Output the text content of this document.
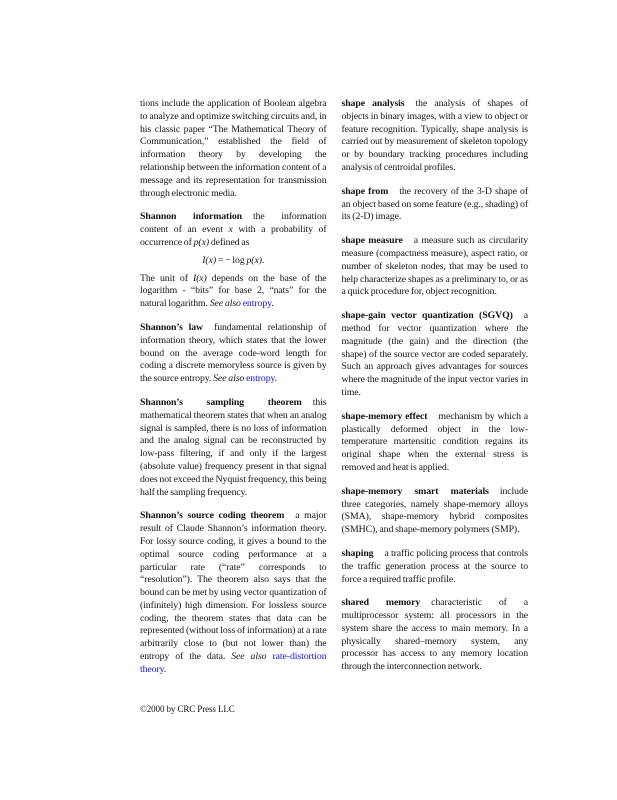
tions include the application of Boolean algebra to analyze and optimize switching circuits and, in his classic paper “The Mathematical Theory of Communication,” established the field of information theory by developing the relationship between the information content of a message and its representation for transmission through electronic media.

Shannon information the information content of an event x with a probability of occurrence of p(x) defined as

I(x) = − log p(x).

The unit of I(x) depends on the base of the logarithm - “bits” for base 2, “nats” for the natural logarithm. See also entropy.

Shannon’s law fundamental relationship of information theory, which states that the lower bound on the average code-word length for coding a discrete memoryless source is given by the source entropy. See also entropy.

Shannon’s sampling theorem this mathematical theorem states that when an analog signal is sampled, there is no loss of information and the analog signal can be reconstructed by low-pass filtering, if and only if the largest (absolute value) frequency present in that signal does not exceed the Nyquist frequency, this being half the sampling frequency.

Shannon’s source coding theorem a major result of Claude Shannon’s information theory. For lossy source coding, it gives a bound to the optimal source coding performance at a particular rate (“rate” corresponds to “resolution”). The theorem also says that the bound can be met by using vector quantization of (infinitely) high dimension. For lossless source coding, the theorem states that data can be represented (without loss of information) at a rate arbitrarily close to (but not lower than) the entropy of the data. See also rate-distortion theory.

shape analysis the analysis of shapes of objects in binary images, with a view to object or feature recognition. Typically, shape analysis is carried out by measurement of skeleton topology or by boundary tracking procedures including analysis of centroidal profiles.

shape from the recovery of the 3-D shape of an object based on some feature (e.g., shading) of its (2-D) image.

shape measure a measure such as circularity measure (compactness measure), aspect ratio, or number of skeleton nodes, that may be used to help characterize shapes as a preliminary to, or as a quick procedure for, object recognition.

shape-gain vector quantization (SGVQ) a method for vector quantization where the magnitude (the gain) and the direction (the shape) of the source vector are coded separately. Such an approach gives advantages for sources where the magnitude of the input vector varies in time.

shape-memory effect mechanism by which a plastically deformed object in the low-temperature martensitic condition regains its original shape when the external stress is removed and heat is applied.

shape-memory smart materials include three categories, namely shape-memory alloys (SMA), shape-memory hybrid composites (SMHC), and shape-memory polymers (SMP).

shaping a traffic policing process that controls the traffic generation process at the source to force a required traffic profile.

shared memory characteristic of a multiprocessor system: all processors in the system share the access to main memory. In a physically shared–memory system, any processor has access to any memory location through the interconnection network.

©2000 by CRC Press LLC
